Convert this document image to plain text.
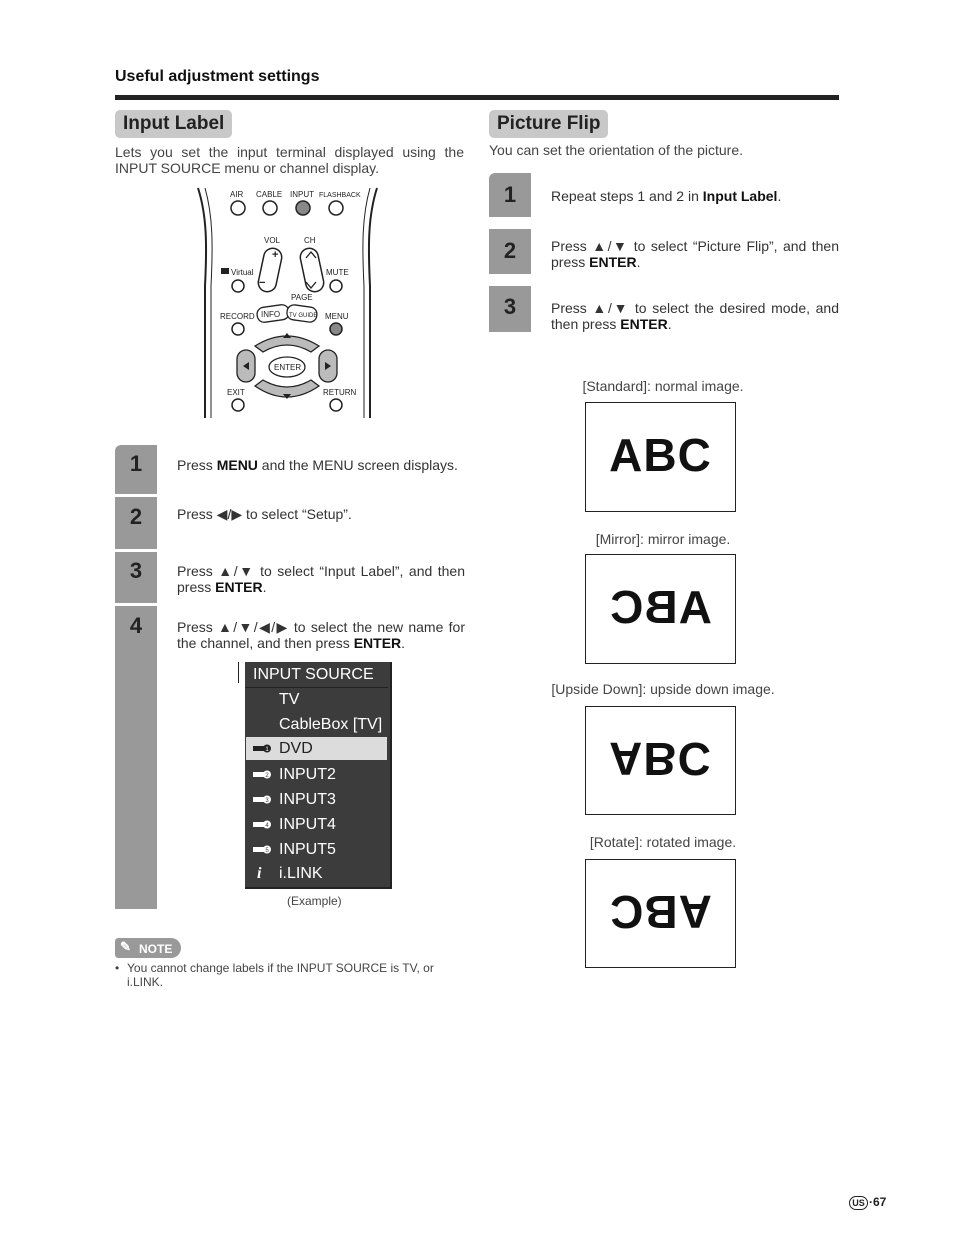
Useful adjustment settings
Input Label
Lets you set the input terminal displayed using the INPUT SOURCE menu or channel display.
AIR CABLE INPUT FLASHBACK
VOL	CH
+
−
PAGE
Virtual	MUTE
RECORD	MENU
INFO TV GUIDE
ENTER
EXIT	RETURN
1
2
3
4
Press MENU and the MENU screen displays.
Press ◀/▶ to select “Setup”.
Press ▲/▼ to select “Input Label”, and then press ENTER.
Press ▲/▼/◀/▶ to select the new name for the channel, and then press ENTER.
INPUT SOURCE
TV
CableBox [TV]
1 DVD
2 INPUT2
3 INPUT3
4 INPUT4
5 INPUT5
i i.LINK
(Example)
✎ NOTE
• You cannot change labels if the INPUT SOURCE is TV, or i.LINK.
Picture Flip
You can set the orientation of the picture.
1
2
3
Repeat steps 1 and 2 in Input Label.
Press ▲/▼ to select “Picture Flip”, and then press ENTER.
Press ▲/▼ to select the desired mode, and then press ENTER.
[Standard]: normal image.
ABC
[Mirror]: mirror image.
ABC
[Upside Down]: upside down image.
ABC
[Rotate]: rotated image.
ABC
US ·67
